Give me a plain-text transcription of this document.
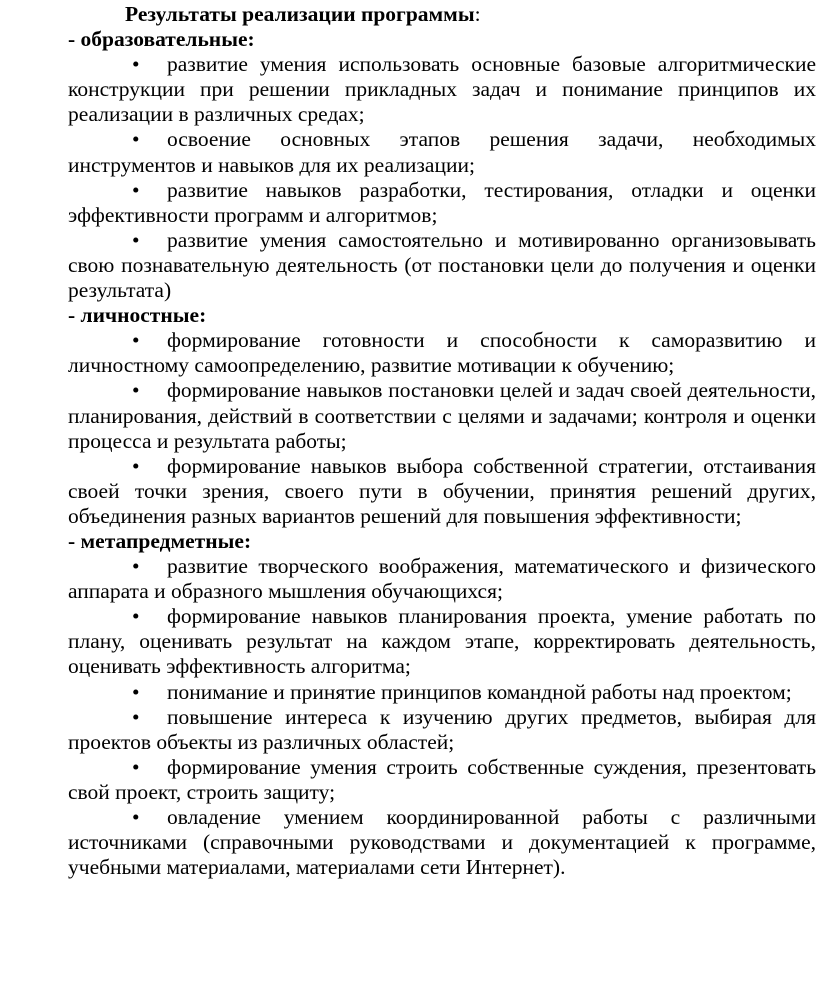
Результаты реализации программы:

- образовательные:

• развитие умения использовать основные базовые алгоритмические конструкции при решении прикладных задач и понимание принципов их реализации в различных средах;

• освоение основных этапов решения задачи, необходимых инструментов и навыков для их реализации;

• развитие навыков разработки, тестирования, отладки и оценки эффективности программ и алгоритмов;

• развитие умения самостоятельно и мотивированно организовывать свою познавательную деятельность (от постановки цели до получения и оценки результата)

- личностные:

• формирование готовности и способности к саморазвитию и личностному самоопределению, развитие мотивации к обучению;

• формирование навыков постановки целей и задач своей деятельности, планирования, действий в соответствии с целями и задачами; контроля и оценки процесса и результата работы;

• формирование навыков выбора собственной стратегии, отстаивания своей точки зрения, своего пути в обучении, принятия решений других, объединения разных вариантов решений для повышения эффективности;

- метапредметные:

• развитие творческого воображения, математического и физического аппарата и образного мышления обучающихся;

• формирование навыков планирования проекта, умение работать по плану, оценивать результат на каждом этапе, корректировать деятельность, оценивать эффективность алгоритма;

• понимание и принятие принципов командной работы над проектом;

• повышение интереса к изучению других предметов, выбирая для проектов объекты из различных областей;

• формирование умения строить собственные суждения, презентовать свой проект, строить защиту;

• овладение умением координированной работы с различными источниками (справочными руководствами и документацией к программе, учебными материалами, материалами сети Интернет).
